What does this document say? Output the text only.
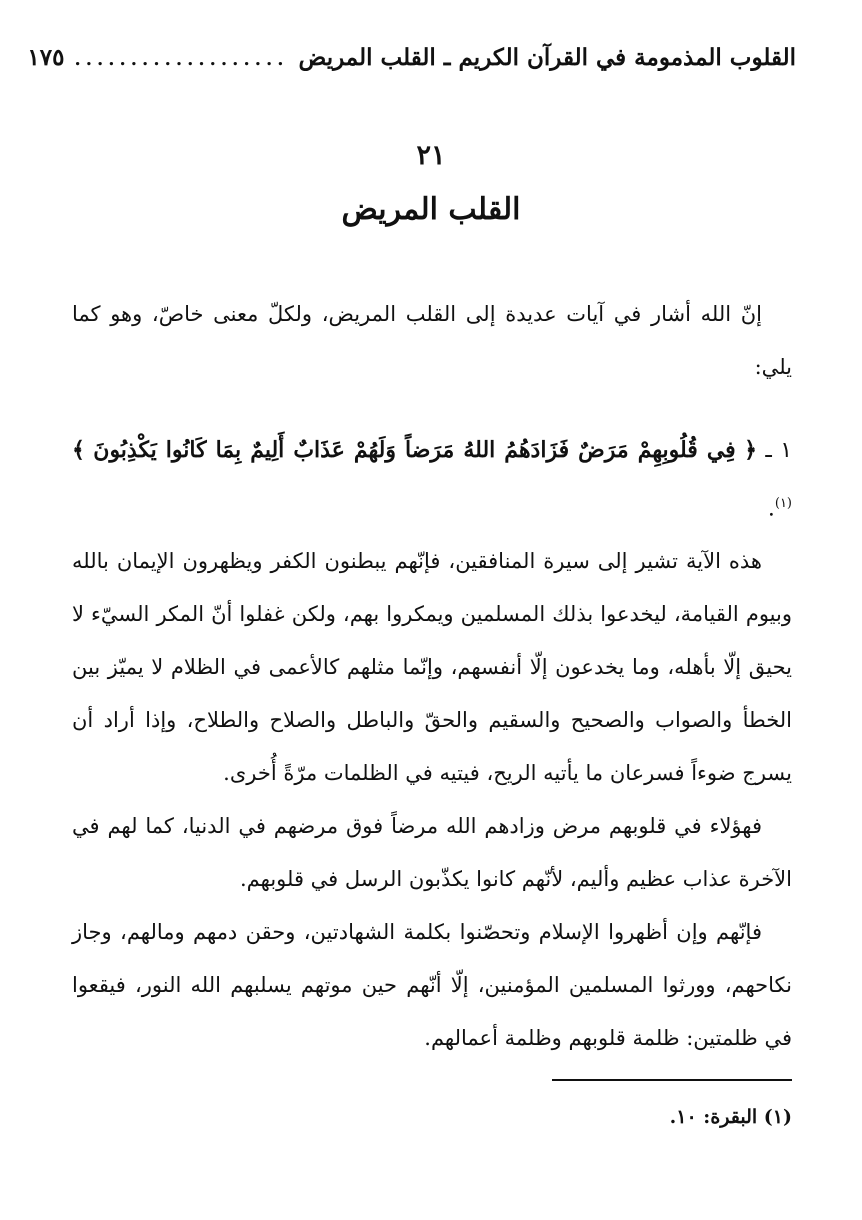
القلوب المذمومة في القرآن الكريم ـ القلب المريض
...................
١٧٥
٢١
القلب المريض

إنّ الله أشار في آيات عديدة إلى القلب المريض، ولكلّ معنى خاصّ، وهو كما يلي:

١ ـ ﴿ فِي قُلُوبِهِمْ مَرَضٌ فَزَادَهُمُ اللهُ مَرَضاً وَلَهُمْ عَذَابٌ أَلِيمٌ بِمَا كَانُوا يَكْذِبُونَ ﴾$^{(١)}$.

هذه الآية تشير إلى سيرة المنافقين، فإنّهم يبطنون الكفر ويظهرون الإيمان بالله وبيوم القيامة، ليخدعوا بذلك المسلمين ويمكروا بهم، ولكن غفلوا أنّ المكر السيّء لا يحيق إلّا بأهله، وما يخدعون إلّا أنفسهم، وإنّما مثلهم كالأعمى في الظلام لا يميّز بين الخطأ والصواب والصحيح والسقيم والحقّ والباطل والصلاح والطلاح، وإذا أراد أن يسرج ضوءاً فسرعان ما يأتيه الريح، فيتيه في الظلمات مرّةً أُخرى.

فهؤلاء في قلوبهم مرض وزادهم الله مرضاً فوق مرضهم في الدنيا، كما لهم في الآخرة عذاب عظيم وأليم، لأنّهم كانوا يكذّبون الرسل في قلوبهم.

فإنّهم وإن أظهروا الإسلام وتحصّنوا بكلمة الشهادتين، وحقن دمهم ومالهم، وجاز نكاحهم، وورثوا المسلمين المؤمنين، إلّا أنّهم حين موتهم يسلبهم الله النور، فيقعوا في ظلمتين: ظلمة قلوبهم وظلمة أعمالهم.

(١) البقرة: ١٠.
